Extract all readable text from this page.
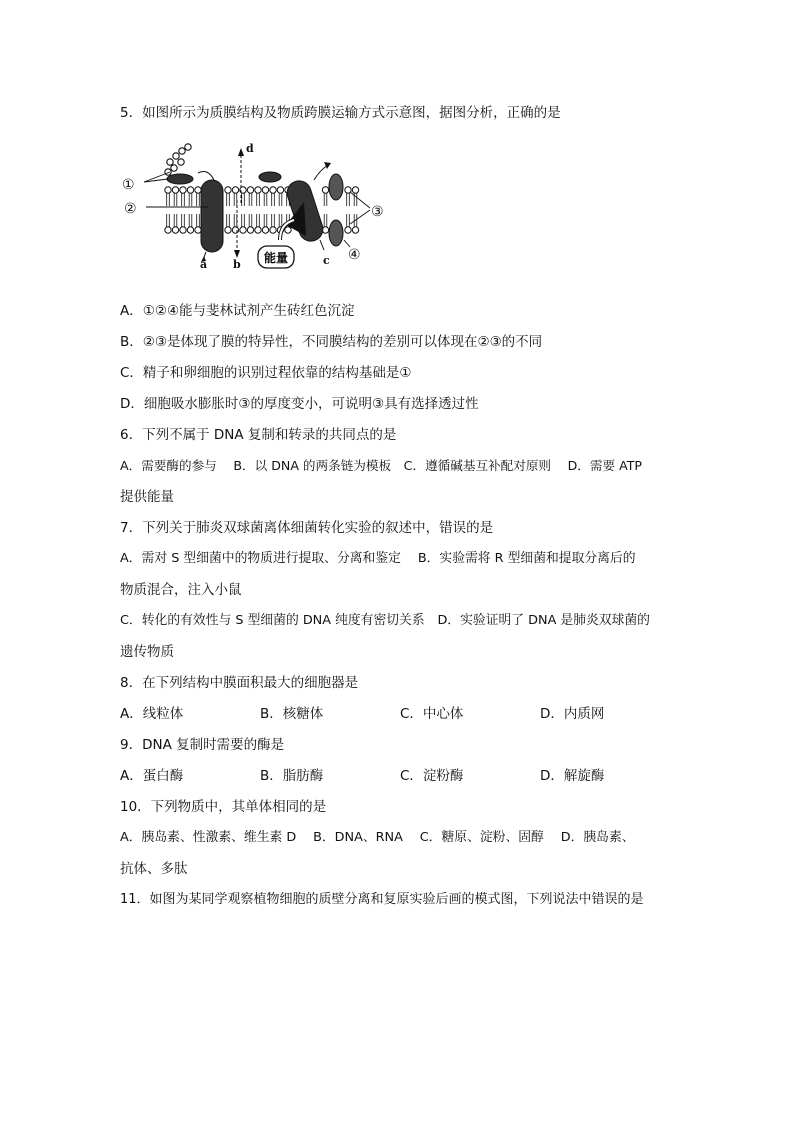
5．如图所示为质膜结构及物质跨膜运输方式示意图，据图分析，正确的是
能量
①
②	③
④
a b	c
d
A．①②④能与斐林试剂产生砖红色沉淀
B．②③是体现了膜的特异性，不同膜结构的差别可以体现在②③的不同
C．精子和卵细胞的识别过程依靠的结构基础是①
D．细胞吸水膨胀时③的厚度变小，可说明③具有选择透过性
6．下列不属于 DNA 复制和转录的共同点的是
A．需要酶的参与　 B．以 DNA 的两条链为模板　C．遵循碱基互补配对原则　 D．需要 ATP
提供能量
7．下列关于肺炎双球菌离体细菌转化实验的叙述中，错误的是
A．需对 S 型细菌中的物质进行提取、分离和鉴定　 B．实验需将 R 型细菌和提取分离后的
物质混合，注入小鼠
C．转化的有效性与 S 型细菌的 DNA 纯度有密切关系　D．实验证明了 DNA 是肺炎双球菌的
遗传物质
8．在下列结构中膜面积最大的细胞器是
A．线粒体	B．核糖体	C．中心体	D．内质网
9．DNA 复制时需要的酶是
A．蛋白酶	B．脂肪酶	C．淀粉酶	D．解旋酶
10．下列物质中，其单体相同的是
A．胰岛素、性激素、维生素 D　 B．DNA、RNA　 C．糖原、淀粉、固醇　 D．胰岛素、
抗体、多肽
11．如图为某同学观察植物细胞的质壁分离和复原实验后画的模式图，下列说法中错误的是
